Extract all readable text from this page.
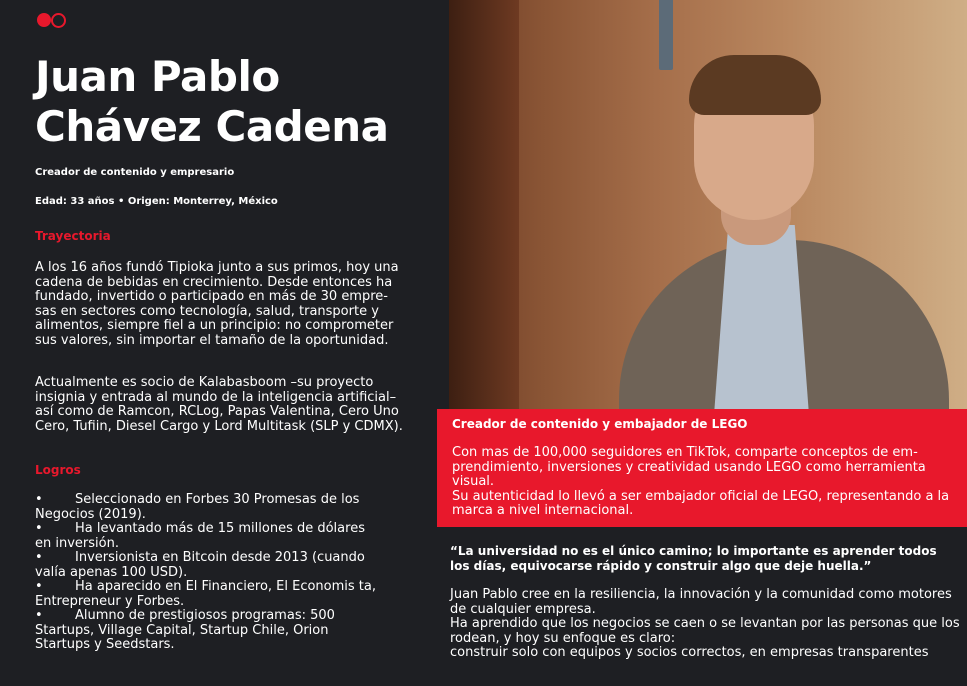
Juan Pablo
Chávez Cadena
Creador de contenido y empresario
Edad: 33 años • Origen: Monterrey, México
Trayectoria
A los 16 años fundó Tipioka junto a sus primos, hoy una cadena de bebidas en crecimiento. Desde entonces ha fundado, invertido o participado en más de 30 empre-sas en sectores como tecnología, salud, transporte y alimentos, siempre fiel a un principio: no comprometer sus valores, sin importar el tamaño de la oportunidad.
Actualmente es socio de Kalabasboom –su proyecto insignia y entrada al mundo de la inteligencia artificial– así como de Ramcon, RCLog, Papas Valentina, Cero Uno Cero, Tufiin, Diesel Cargo y Lord Multitask (SLP y CDMX).
Logros
• Seleccionado en Forbes 30 Promesas de los Negocios (2019).
• Ha levantado más de 15 millones de dólares en inversión.
• Inversionista en Bitcoin desde 2013 (cuando valía apenas 100 USD).
• Ha aparecido en El Financiero, El Economis ta, Entrepreneur y Forbes.
• Alumno de prestigiosos programas: 500 Startups, Village Capital, Startup Chile, Orion Startups y Seedstars.
Creador de contenido y embajador de LEGO
Con mas de 100,000 seguidores en TikTok, comparte conceptos de em-prendimiento, inversiones y creatividad usando LEGO como herramienta visual.
Su autenticidad lo llevó a ser embajador oficial de LEGO, representando a la marca a nivel internacional.
“La universidad no es el único camino; lo importante es aprender todos los días, equivocarse rápido y construir algo que deje huella.”
Juan Pablo cree en la resiliencia, la innovación y la comunidad como motores de cualquier empresa.
Ha aprendido que los negocios se caen o se levantan por las personas que los rodean, y hoy su enfoque es claro:
construir solo con equipos y socios correctos, en empresas transparentes
